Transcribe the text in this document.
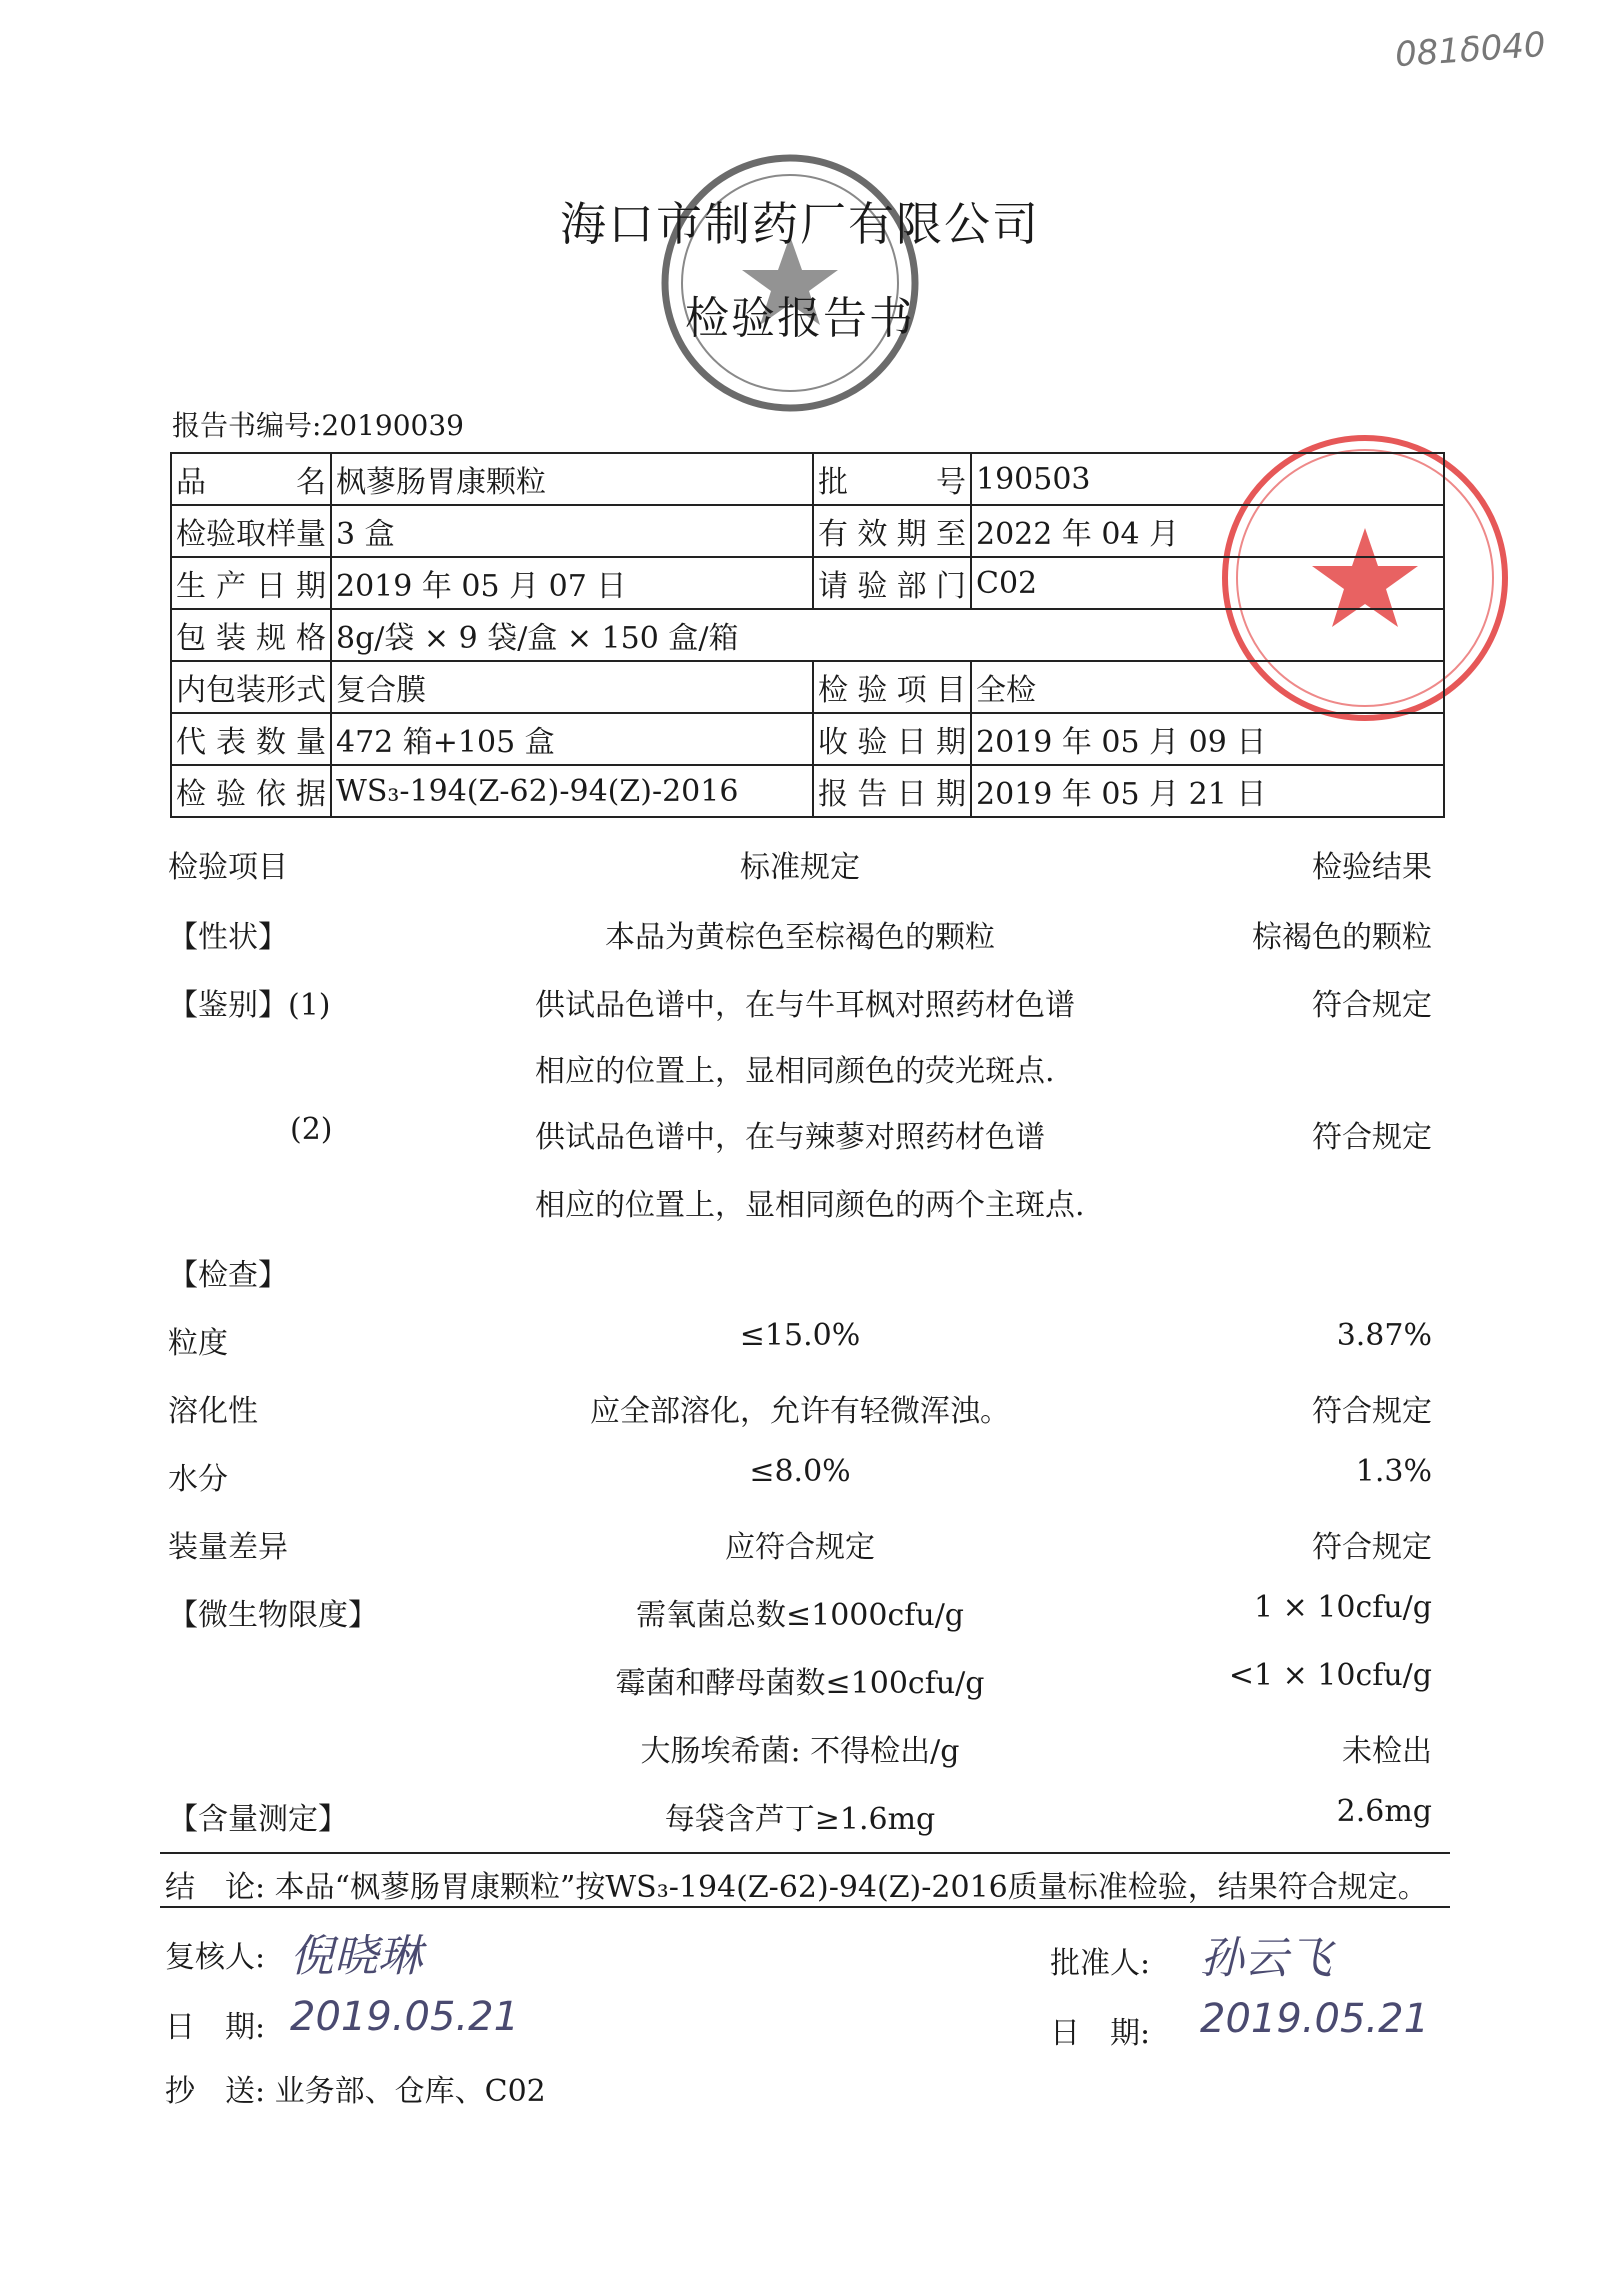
081δ040
海口市制药厂有限公司
检验报告书
报告书编号:20190039
品　名	枫蓼肠胃康颗粒	批　号	190503
检验取样量	3 盒	有效期至	2022 年 04 月
生产日期	2019 年 05 月 07 日	请验部门	C02
包装规格	8g/袋 × 9 袋/盒 × 150 盒/箱		
内包装形式	复合膜	检验项目	全检
代表数量	472 箱+105 盒	收验日期	2019 年 05 月 09 日
检验依据	WS₃-194(Z-62)-94(Z)-2016	报告日期	2019 年 05 月 21 日
检验项目	标准规定	检验结果
【性状】	本品为黄棕色至棕褐色的颗粒	棕褐色的颗粒
【鉴别】(1)	供试品色谱中，在与牛耳枫对照药材色谱	符合规定
相应的位置上，显相同颜色的荧光斑点.
(2)	供试品色谱中，在与辣蓼对照药材色谱	符合规定
相应的位置上，显相同颜色的两个主斑点.
【检查】
粒度	≤15.0%	3.87%
溶化性	应全部溶化，允许有轻微浑浊。	符合规定
水分	≤8.0%	1.3%
装量差异	应符合规定	符合规定
【微生物限度】	需氧菌总数≤1000cfu/g	1 × 10cfu/g
霉菌和酵母菌数≤100cfu/g	<1 × 10cfu/g
大肠埃希菌: 不得检出/g	未检出
【含量测定】	每袋含芦丁≥1.6mg	2.6mg
结　论: 本品“枫蓼肠胃康颗粒”按WS₃-194(Z-62)-94(Z)-2016质量标准检验，结果符合规定。
复核人: 倪晓琳	批准人: 孙云飞
日　期: 2019.05.21	日　期: 2019.05.21
抄　送: 业务部、仓库、C02
